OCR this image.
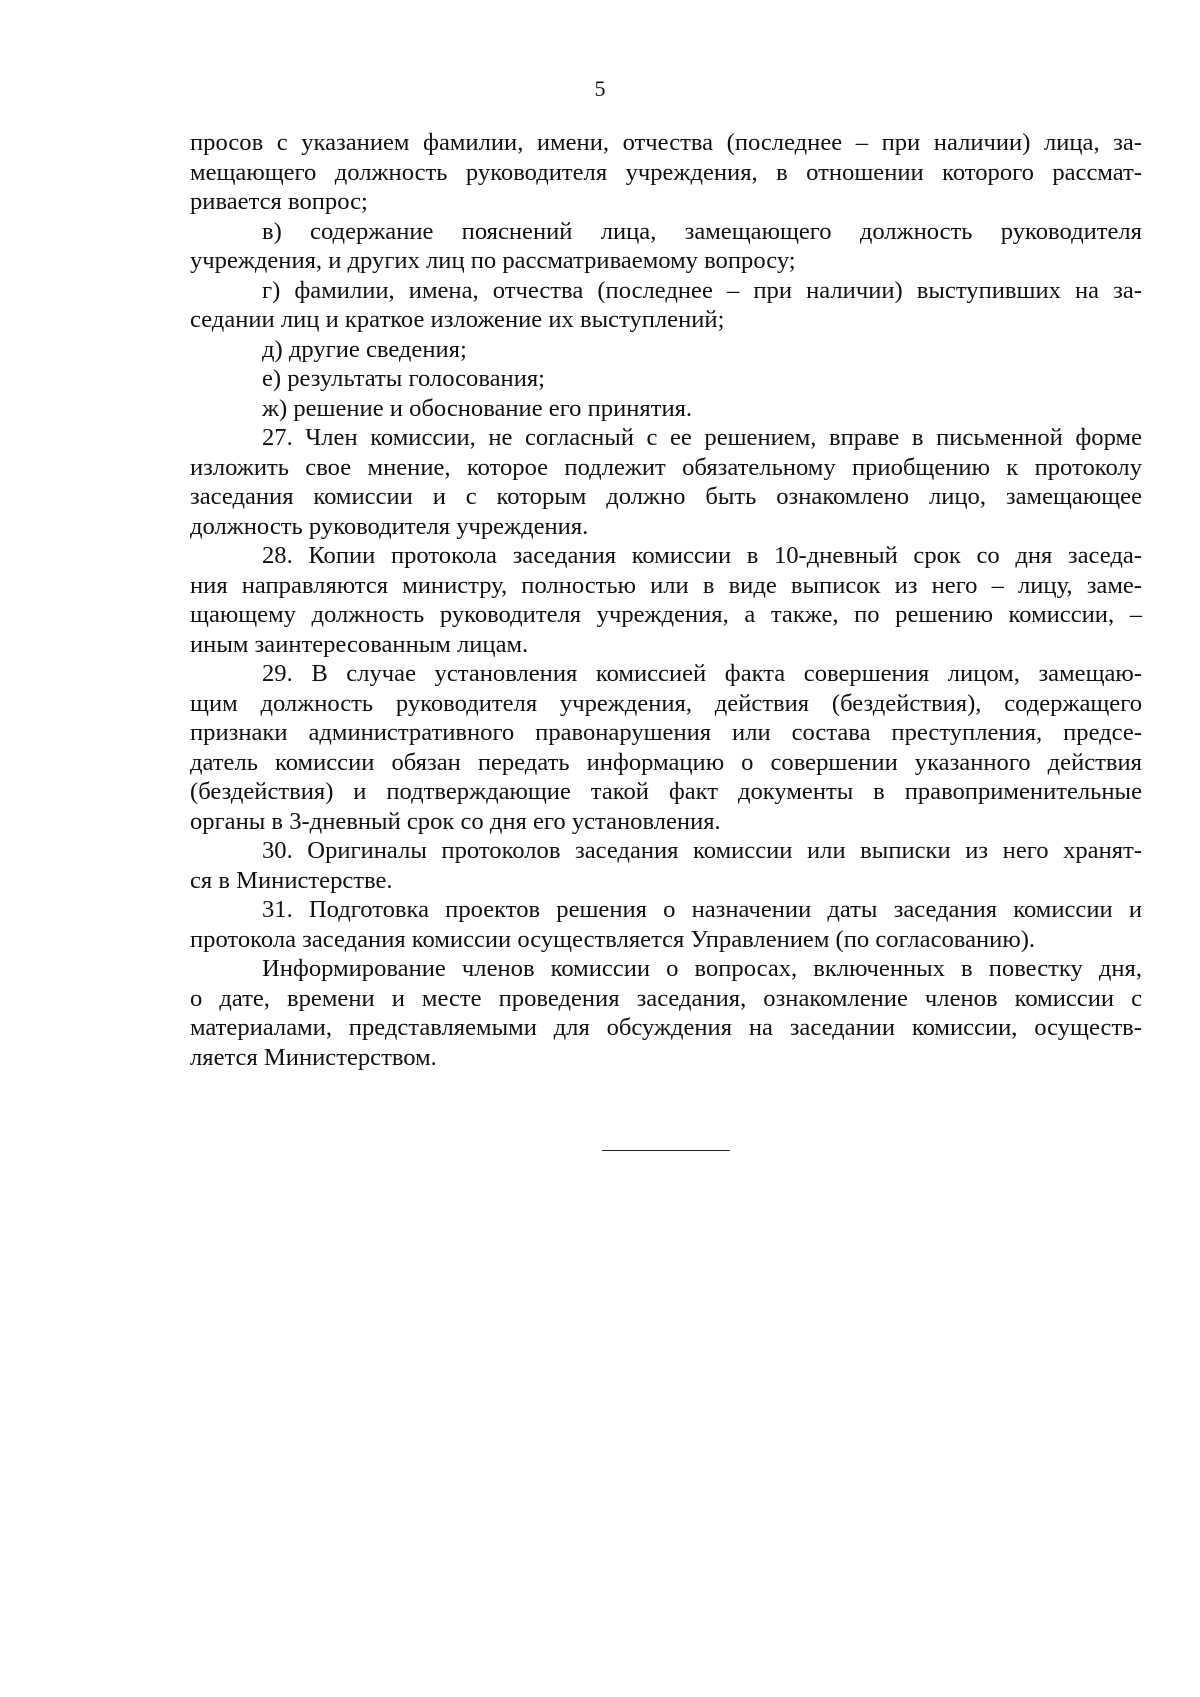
5

просов с указанием фамилии, имени, отчества (последнее – при наличии) лица, за-

мещающего должность руководителя учреждения, в отношении которого рассмат-

ривается вопрос;

в) содержание пояснений лица, замещающего должность руководителя

учреждения, и других лиц по рассматриваемому вопросу;

г) фамилии, имена, отчества (последнее – при наличии) выступивших на за-

седании лиц и краткое изложение их выступлений;

д) другие сведения;

е) результаты голосования;

ж) решение и обоснование его принятия.

27. Член комиссии, не согласный с ее решением, вправе в письменной форме

изложить свое мнение, которое подлежит обязательному приобщению к протоколу

заседания комиссии и с которым должно быть ознакомлено лицо, замещающее

должность руководителя учреждения.

28. Копии протокола заседания комиссии в 10-дневный срок со дня заседа-

ния направляются министру, полностью или в виде выписок из него – лицу, заме-

щающему должность руководителя учреждения, а также, по решению комиссии, –

иным заинтересованным лицам.

29. В случае установления комиссией факта совершения лицом, замещаю-

щим должность руководителя учреждения, действия (бездействия), содержащего

признаки административного правонарушения или состава преступления, предсе-

датель комиссии обязан передать информацию о совершении указанного действия

(бездействия) и подтверждающие такой факт документы в правоприменительные

органы в 3-дневный срок со дня его установления.

30. Оригиналы протоколов заседания комиссии или выписки из него хранят-

ся в Министерстве.

31. Подготовка проектов решения о назначении даты заседания комиссии и

протокола заседания комиссии осуществляется Управлением (по согласованию).

Информирование членов комиссии о вопросах, включенных в повестку дня,

о дате, времени и месте проведения заседания, ознакомление членов комиссии с

материалами, представляемыми для обсуждения на заседании комиссии, осуществ-

ляется Министерством.
